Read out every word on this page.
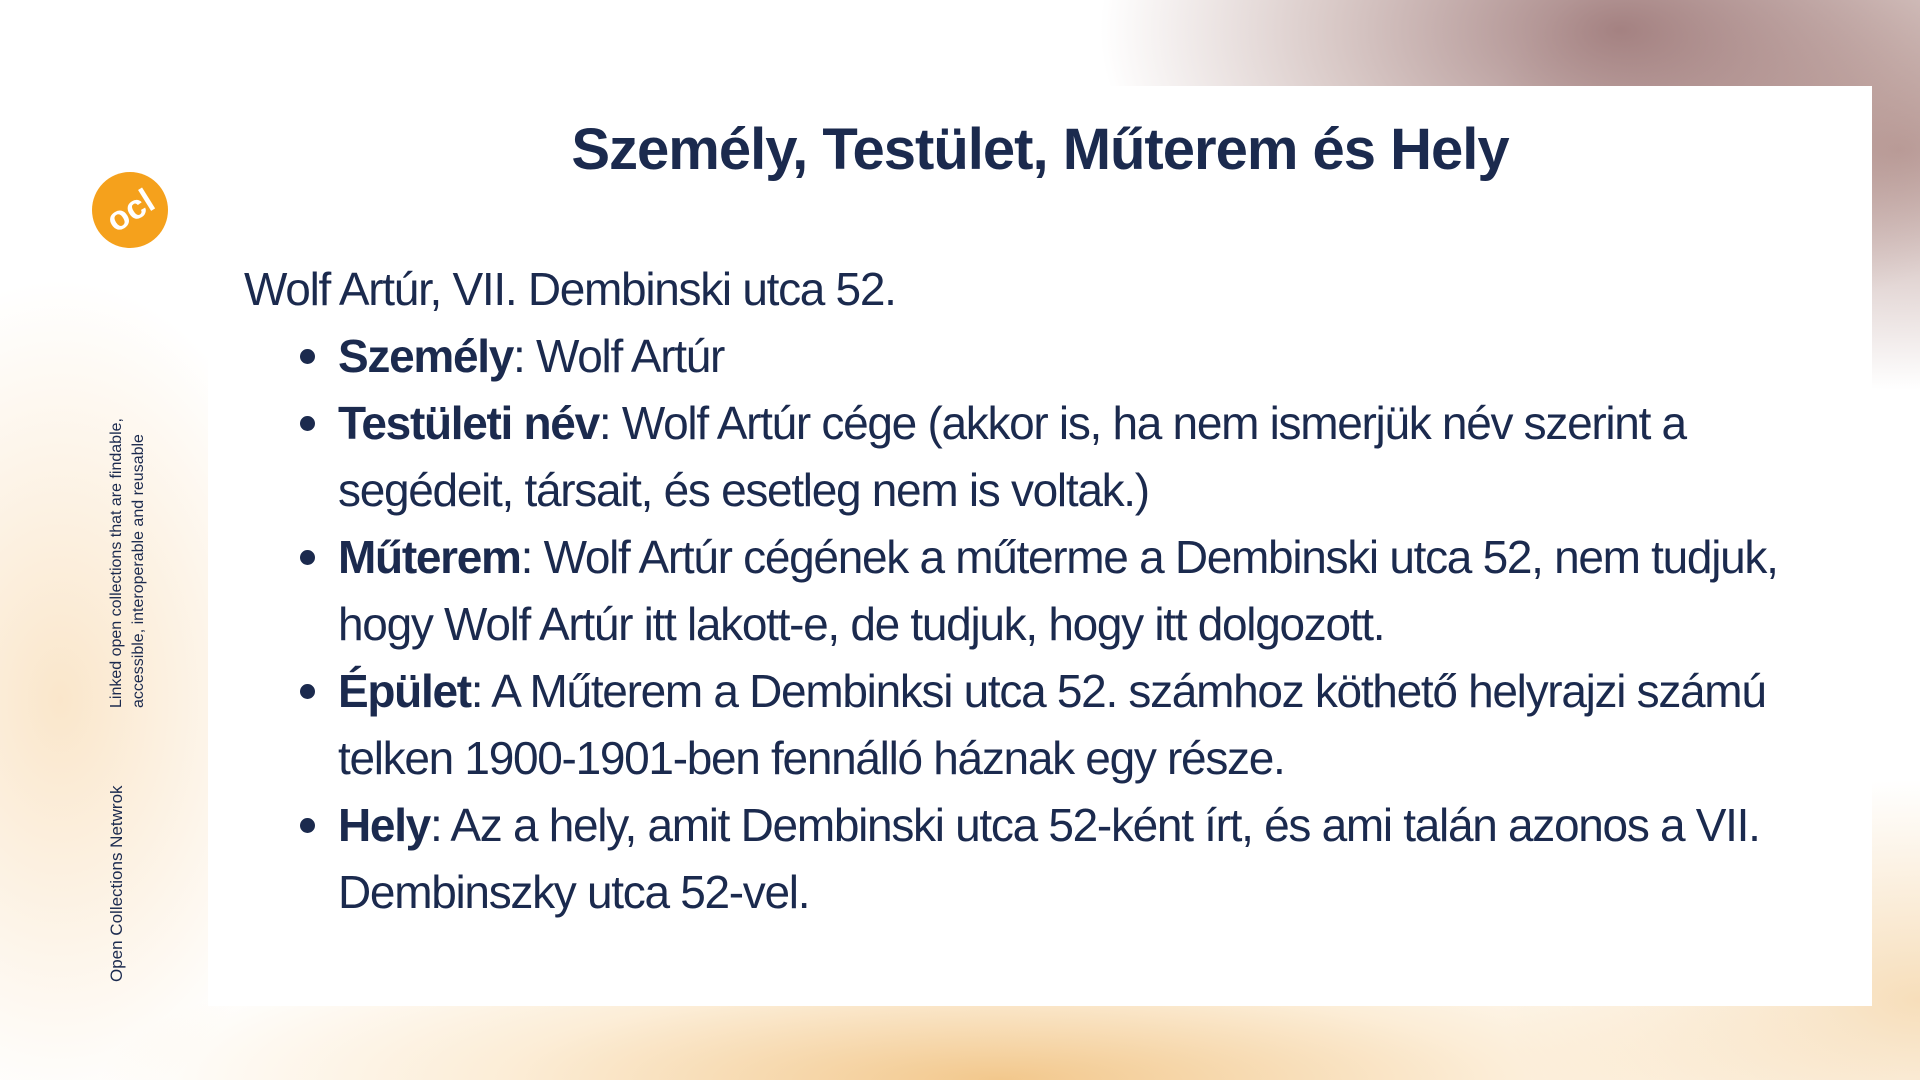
ocl
Linked open collections that are findable, accessible, interoperable and reusable
Open Collections Netwrok
Személy, Testület, Műterem és Hely

Wolf Artúr, VII. Dembinski utca 52.

Személy: Wolf Artúr
Testületi név: Wolf Artúr cége (akkor is, ha nem ismerjük név szerint a segédeit, társait, és esetleg nem is voltak.)
Műterem: Wolf Artúr cégének a műterme a Dembinski utca 52, nem tudjuk, hogy Wolf Artúr itt lakott-e, de tudjuk, hogy itt dolgozott.
Épület: A Műterem a Dembinksi utca 52. számhoz köthető helyrajzi számú telken 1900-1901-ben fennálló háznak egy része.
Hely: Az a hely, amit Dembinski utca 52-ként írt, és ami talán azonos a VII. Dembinszky utca 52-vel.
